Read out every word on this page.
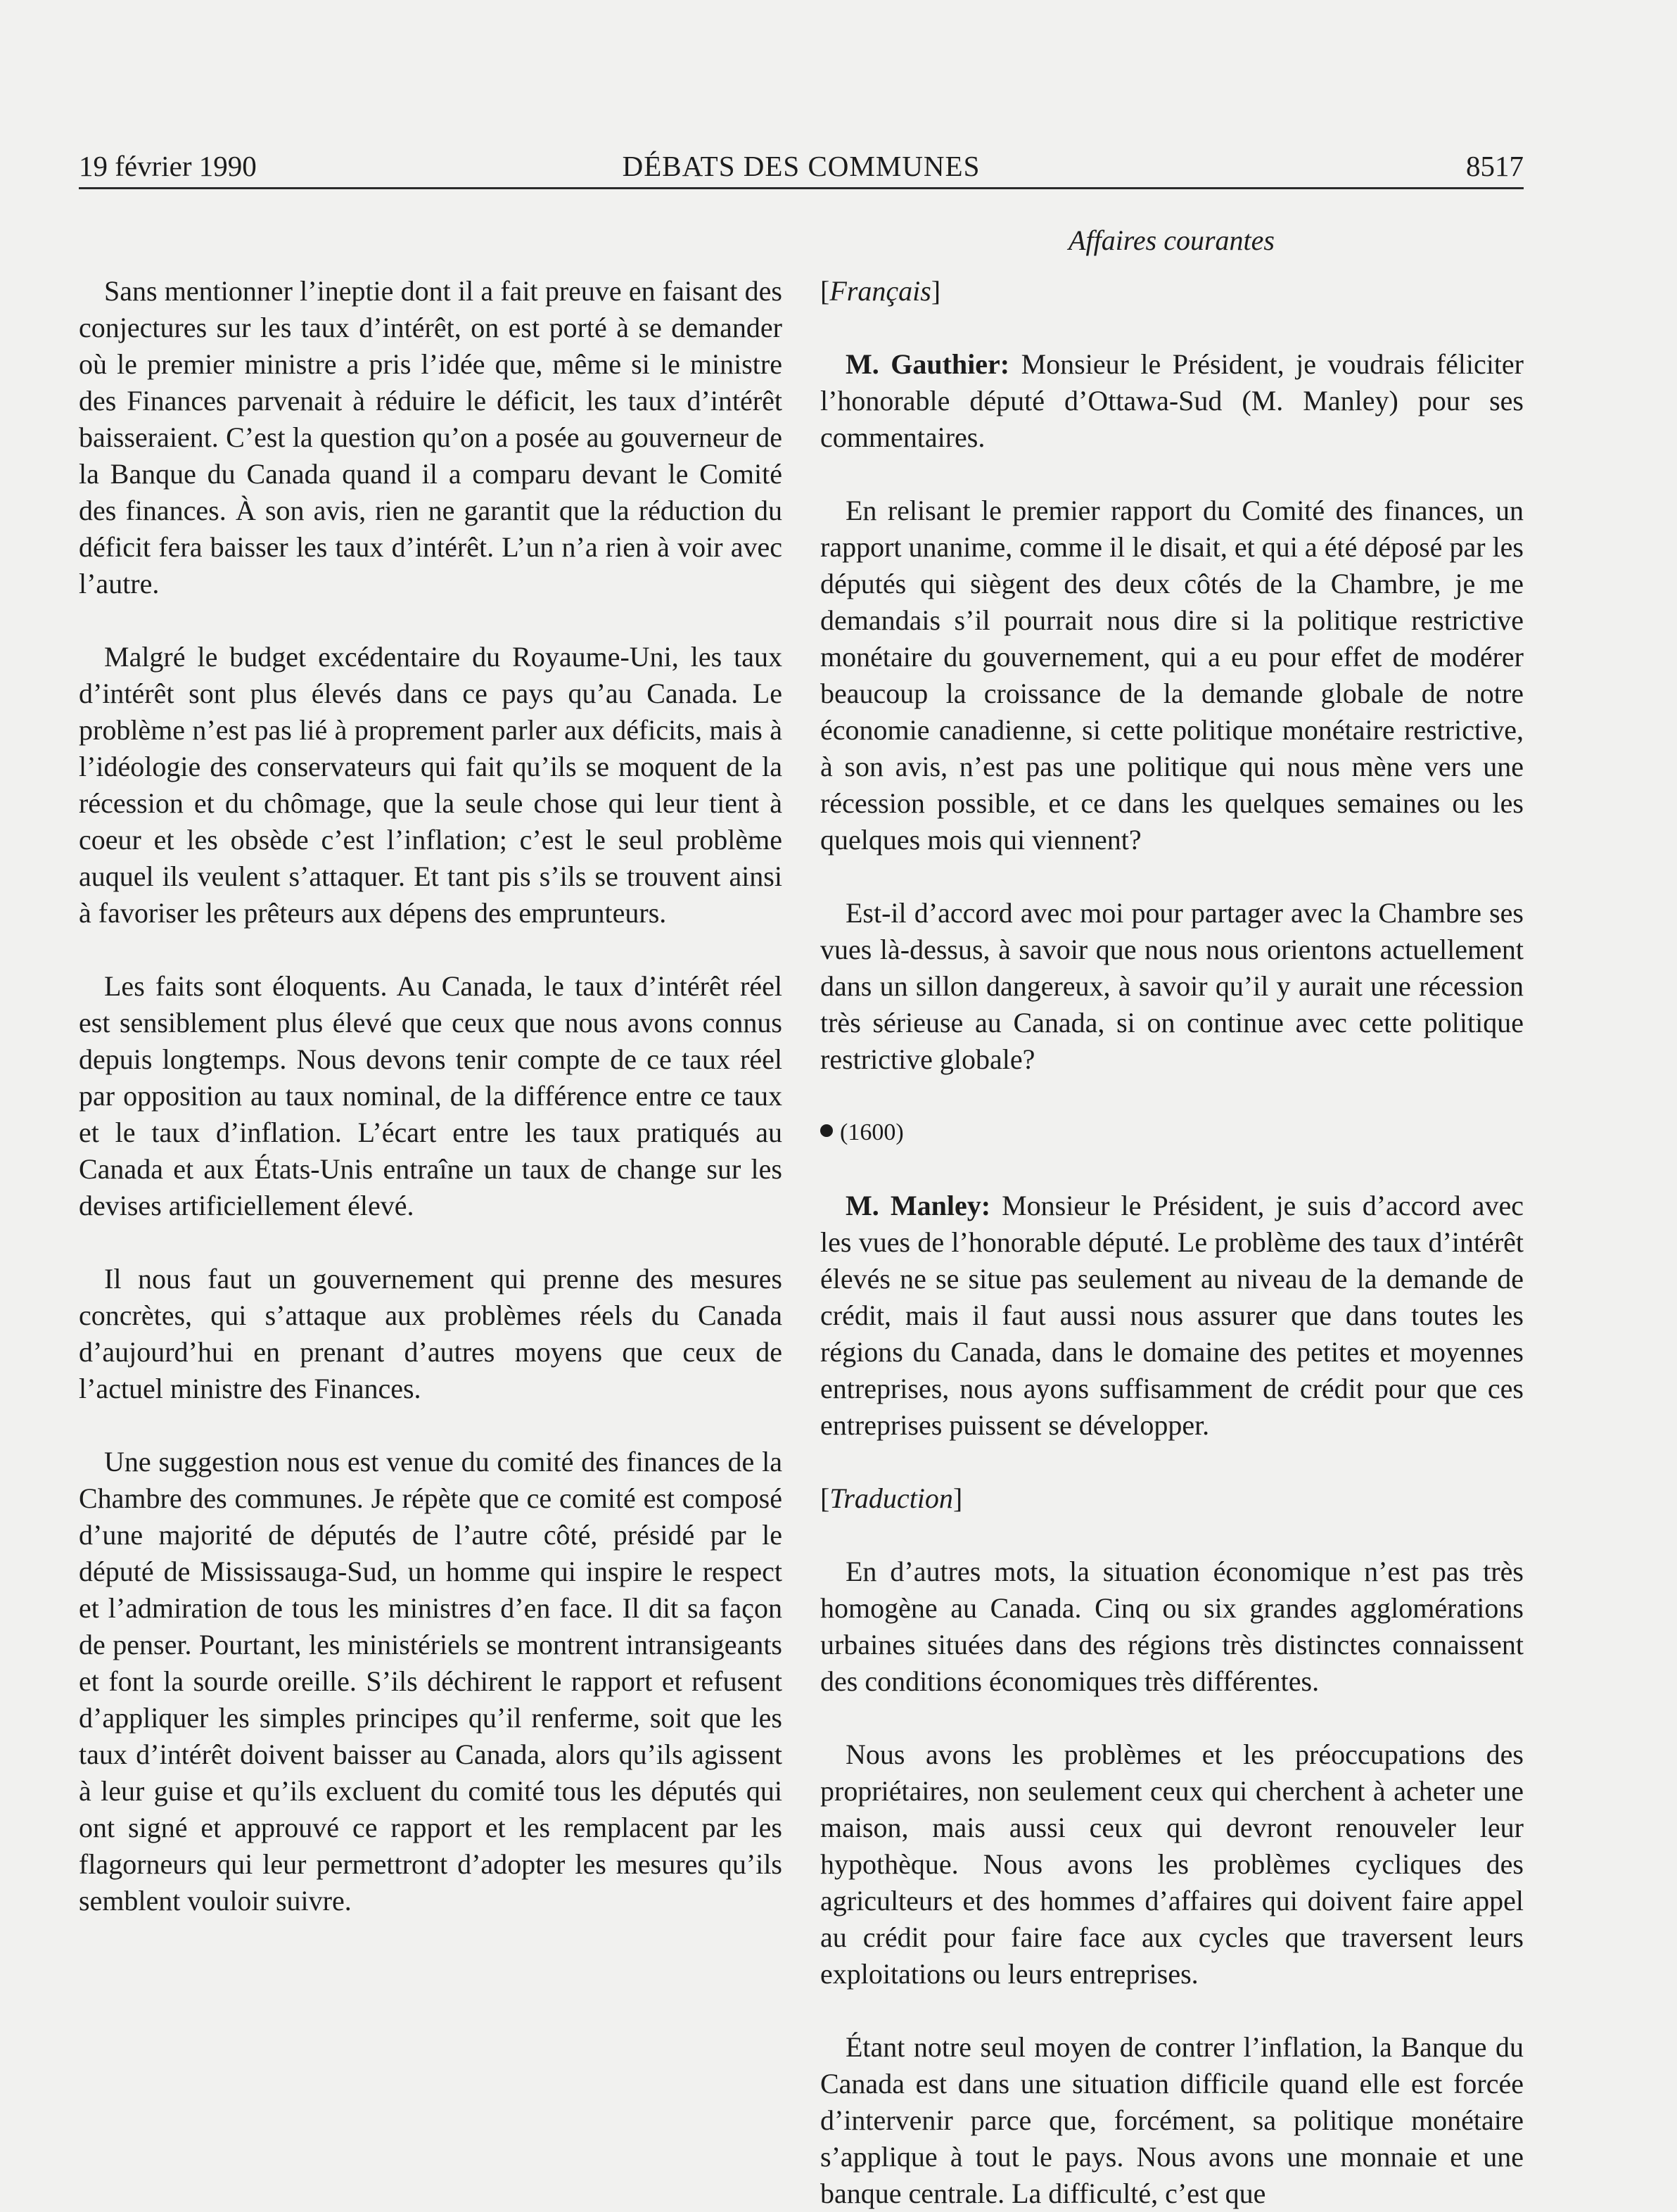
19 février 1990	DÉBATS DES COMMUNES	8517
Affaires courantes

Sans mentionner l’ineptie dont il a fait preuve en faisant des conjectures sur les taux d’intérêt, on est porté à se demander où le premier ministre a pris l’idée que, même si le ministre des Finances parvenait à réduire le déficit, les taux d’intérêt baisseraient. C’est la question qu’on a posée au gouverneur de la Banque du Canada quand il a comparu devant le Comité des finances. À son avis, rien ne garantit que la réduction du déficit fera baisser les taux d’intérêt. L’un n’a rien à voir avec l’autre.

Malgré le budget excédentaire du Royaume-Uni, les taux d’intérêt sont plus élevés dans ce pays qu’au Canada. Le problème n’est pas lié à proprement parler aux déficits, mais à l’idéologie des conservateurs qui fait qu’ils se moquent de la récession et du chômage, que la seule chose qui leur tient à coeur et les obsède c’est l’inflation; c’est le seul problème auquel ils veulent s’attaquer. Et tant pis s’ils se trouvent ainsi à favoriser les prêteurs aux dépens des emprunteurs.

Les faits sont éloquents. Au Canada, le taux d’intérêt réel est sensiblement plus élevé que ceux que nous avons connus depuis longtemps. Nous devons tenir compte de ce taux réel par opposition au taux nominal, de la différence entre ce taux et le taux d’inflation. L’écart entre les taux pratiqués au Canada et aux États-Unis entraîne un taux de change sur les devises artificiellement élevé.

Il nous faut un gouvernement qui prenne des mesures concrètes, qui s’attaque aux problèmes réels du Canada d’aujourd’hui en prenant d’autres moyens que ceux de l’actuel ministre des Finances.

Une suggestion nous est venue du comité des finances de la Chambre des communes. Je répète que ce comité est composé d’une majorité de députés de l’autre côté, présidé par le député de Mississauga-Sud, un homme qui inspire le respect et l’admiration de tous les ministres d’en face. Il dit sa façon de penser. Pourtant, les ministériels se montrent intransigeants et font la sourde oreille. S’ils déchirent le rapport et refusent d’appliquer les simples principes qu’il renferme, soit que les taux d’intérêt doivent baisser au Canada, alors qu’ils agissent à leur guise et qu’ils excluent du comité tous les députés qui ont signé et approuvé ce rapport et les remplacent par les flagorneurs qui leur permettront d’adopter les mesures qu’ils semblent vouloir suivre.

[Français]

M. Gauthier: Monsieur le Président, je voudrais féliciter l’honorable député d’Ottawa-Sud (M. Manley) pour ses commentaires.

En relisant le premier rapport du Comité des finances, un rapport unanime, comme il le disait, et qui a été déposé par les députés qui siègent des deux côtés de la Chambre, je me demandais s’il pourrait nous dire si la politique restrictive monétaire du gouvernement, qui a eu pour effet de modérer beaucoup la croissance de la demande globale de notre économie canadienne, si cette politique monétaire restrictive, à son avis, n’est pas une politique qui nous mène vers une récession possible, et ce dans les quelques semaines ou les quelques mois qui viennent?

Est-il d’accord avec moi pour partager avec la Chambre ses vues là-dessus, à savoir que nous nous orientons actuellement dans un sillon dangereux, à savoir qu’il y aurait une récession très sérieuse au Canada, si on continue avec cette politique restrictive globale?

(1600)

M. Manley: Monsieur le Président, je suis d’accord avec les vues de l’honorable député. Le problème des taux d’intérêt élevés ne se situe pas seulement au niveau de la demande de crédit, mais il faut aussi nous assurer que dans toutes les régions du Canada, dans le domaine des petites et moyennes entreprises, nous ayons suffisamment de crédit pour que ces entreprises puissent se développer.

[Traduction]

En d’autres mots, la situation économique n’est pas très homogène au Canada. Cinq ou six grandes agglomérations urbaines situées dans des régions très distinctes connaissent des conditions économiques très différentes.

Nous avons les problèmes et les préoccupations des propriétaires, non seulement ceux qui cherchent à acheter une maison, mais aussi ceux qui devront renouveler leur hypothèque. Nous avons les problèmes cycliques des agriculteurs et des hommes d’affaires qui doivent faire appel au crédit pour faire face aux cycles que traversent leurs exploitations ou leurs entreprises.

Étant notre seul moyen de contrer l’inflation, la Banque du Canada est dans une situation difficile quand elle est forcée d’intervenir parce que, forcément, sa politique monétaire s’applique à tout le pays. Nous avons une monnaie et une banque centrale. La difficulté, c’est que
